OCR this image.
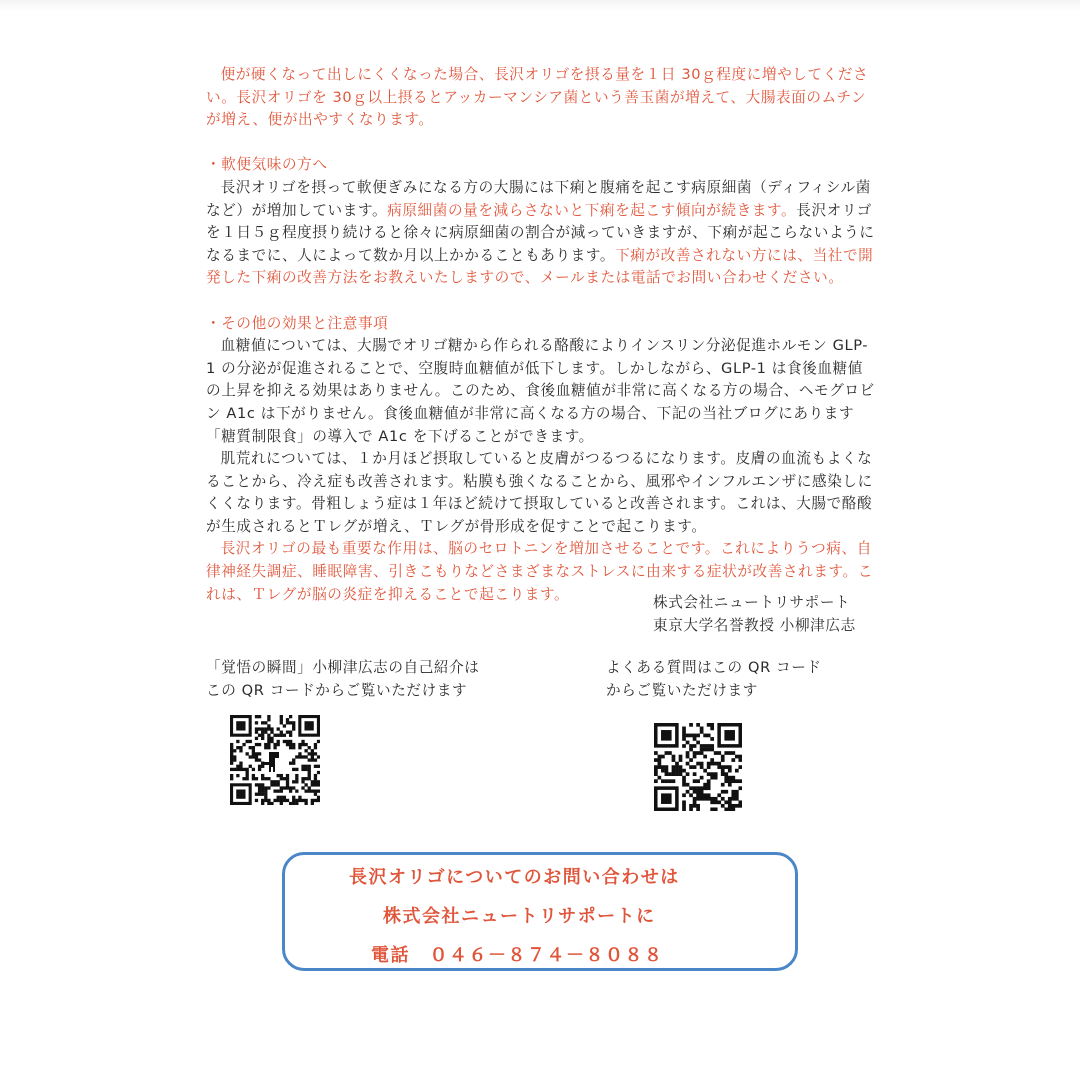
便が硬くなって出しにくくなった場合、長沢オリゴを摂る量を１日 30ｇ程度に増やしてください。長沢オリゴを 30ｇ以上摂るとアッカーマンシア菌という善玉菌が増えて、大腸表面のムチンが増え、便が出やすくなります。

・軟便気味の方へ

長沢オリゴを摂って軟便ぎみになる方の大腸には下痢と腹痛を起こす病原細菌（ディフィシル菌など）が増加しています。病原細菌の量を減らさないと下痢を起こす傾向が続きます。長沢オリゴを１日５ｇ程度摂り続けると徐々に病原細菌の割合が減っていきますが、下痢が起こらないようになるまでに、人によって数か月以上かかることもあります。下痢が改善されない方には、当社で開発した下痢の改善方法をお教えいたしますので、メールまたは電話でお問い合わせください。

・その他の効果と注意事項

血糖値については、大腸でオリゴ糖から作られる酪酸によりインスリン分泌促進ホルモン GLP-1 の分泌が促進されることで、空腹時血糖値が低下します。しかしながら、GLP-1 は食後血糖値の上昇を抑える効果はありません。このため、食後血糖値が非常に高くなる方の場合、ヘモグロビン A1c は下がりません。食後血糖値が非常に高くなる方の場合、下記の当社ブログにあります「糖質制限食」の導入で A1c を下げることができます。

肌荒れについては、１か月ほど摂取していると皮膚がつるつるになります。皮膚の血流もよくなることから、冷え症も改善されます。粘膜も強くなることから、風邪やインフルエンザに感染しにくくなります。骨粗しょう症は１年ほど続けて摂取していると改善されます。これは、大腸で酪酸が生成されるとＴレグが増え、Ｔレグが骨形成を促すことで起こります。

長沢オリゴの最も重要な作用は、脳のセロトニンを増加させることです。これによりうつ病、自律神経失調症、睡眠障害、引きこもりなどさまざまなストレスに由来する症状が改善されます。これは、Ｔレグが脳の炎症を抑えることで起こります。	株式会社ニュートリサポート
東京大学名誉教授 小柳津広志
「覚悟の瞬間」小柳津広志の自己紹介は
この QR コードからご覧いただけます
よくある質問はこの QR コード
からご覧いただけます
長沢オリゴについてのお問い合わせは
株式会社ニュートリサポートに
電話　０４６－８７４－８０８８
